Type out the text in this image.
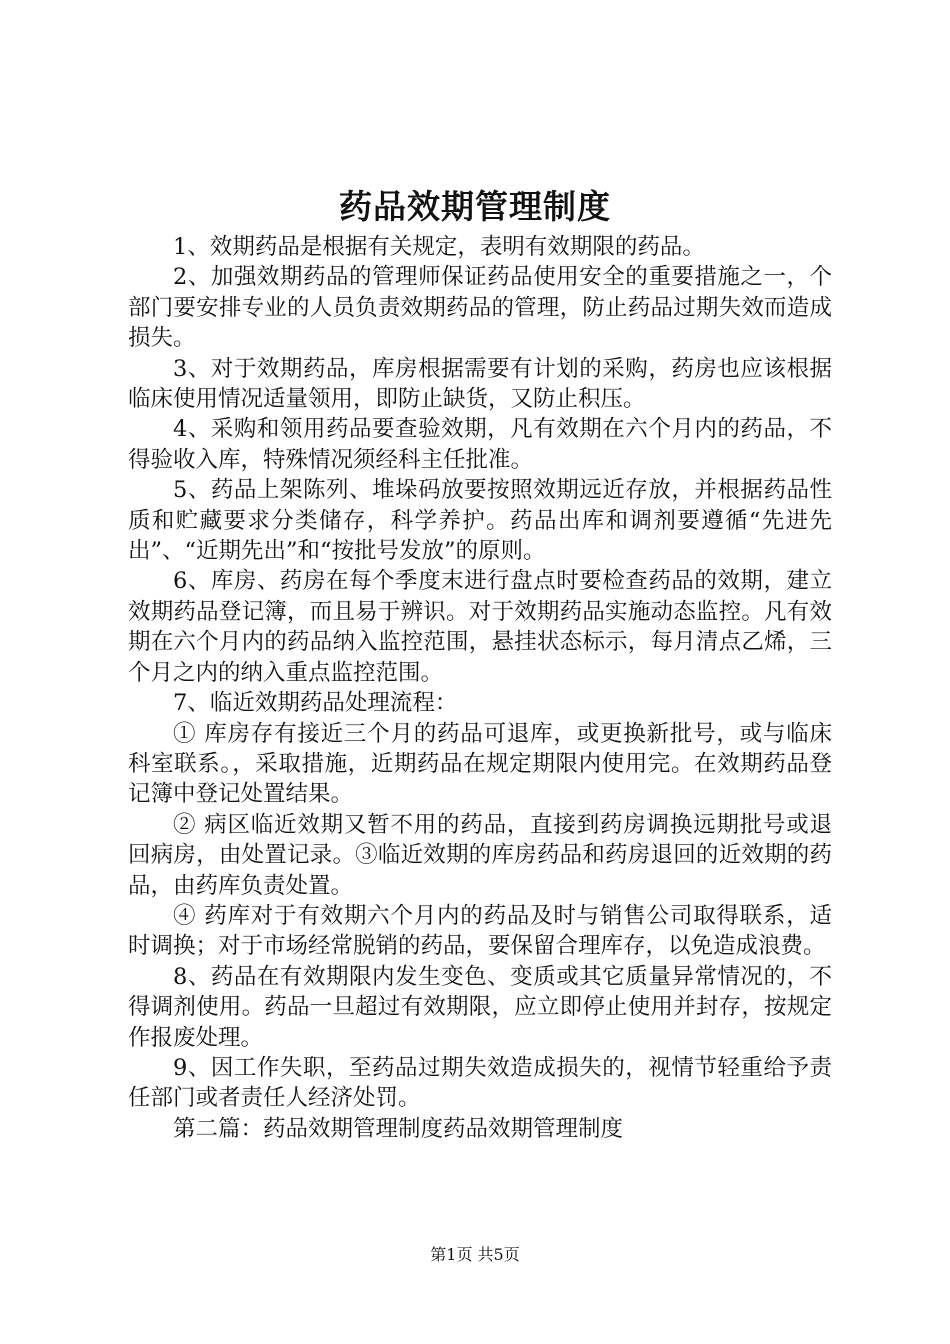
药品效期管理制度

1、效期药品是根据有关规定，表明有效期限的药品。

2、加强效期药品的管理师保证药品使用安全的重要措施之一，个部门要安排专业的人员负责效期药品的管理，防止药品过期失效而造成损失。

3、对于效期药品，库房根据需要有计划的采购，药房也应该根据临床使用情况适量领用，即防止缺货，又防止积压。

4、采购和领用药品要查验效期，凡有效期在六个月内的药品，不得验收入库，特殊情况须经科主任批准。

5、药品上架陈列、堆垛码放要按照效期远近存放，并根据药品性质和贮藏要求分类储存，科学养护。药品出库和调剂要遵循“先进先出”、“近期先出”和“按批号发放”的原则。

6、库房、药房在每个季度末进行盘点时要检查药品的效期，建立效期药品登记簿，而且易于辨识。对于效期药品实施动态监控。凡有效期在六个月内的药品纳入监控范围，悬挂状态标示，每月清点乙烯，三个月之内的纳入重点监控范围。

7、临近效期药品处理流程：

① 库房存有接近三个月的药品可退库，或更换新批号，或与临床科室联系。，采取措施，近期药品在规定期限内使用完。在效期药品登记簿中登记处置结果。

② 病区临近效期又暂不用的药品，直接到药房调换远期批号或退回病房，由处置记录。③临近效期的库房药品和药房退回的近效期的药品，由药库负责处置。

④ 药库对于有效期六个月内的药品及时与销售公司取得联系，适时调换；对于市场经常脱销的药品，要保留合理库存，以免造成浪费。

8、药品在有效期限内发生变色、变质或其它质量异常情况的，不得调剂使用。药品一旦超过有效期限，应立即停止使用并封存，按规定作报废处理。

9、因工作失职，至药品过期失效造成损失的，视情节轻重给予责任部门或者责任人经济处罚。

第二篇：药品效期管理制度药品效期管理制度

第1页 共5页
